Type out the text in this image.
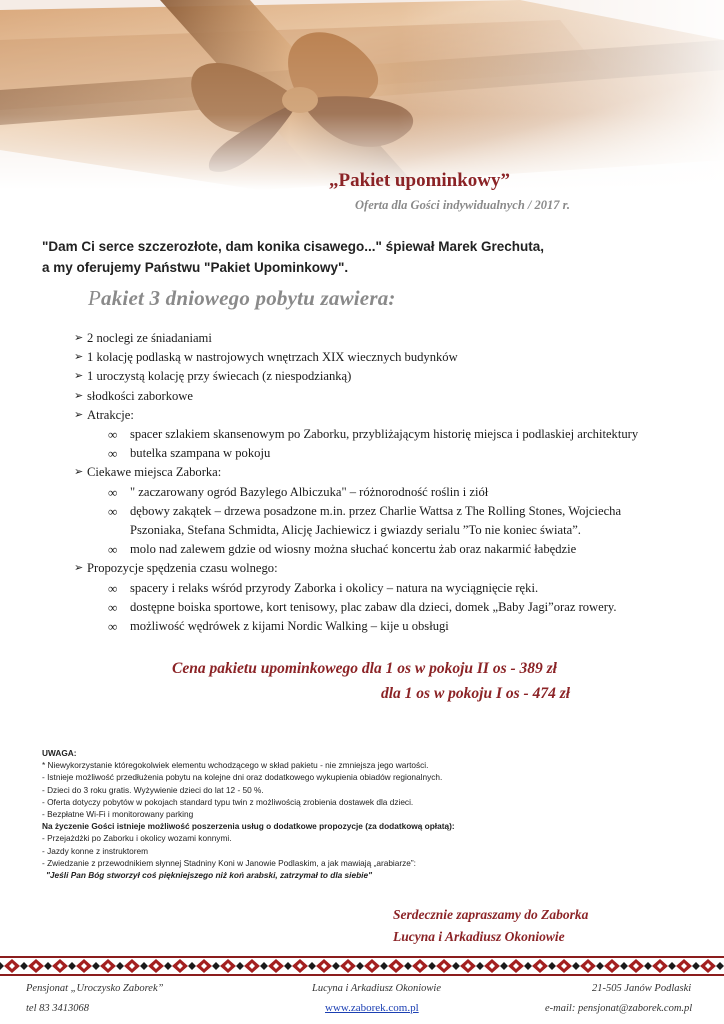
„Pakiet upominkowy”
Oferta dla Gości indywidualnych / 2017 r.
"Dam Ci serce szczerozłote, dam konika cisawego..." śpiewał Marek Grechuta,
a my oferujemy Państwu "Pakiet Upominkowy".
Pakiet 3 dniowego pobytu zawiera:
➢ 2 noclegi ze śniadaniami
➢ 1 kolację podlaską w nastrojowych wnętrzach XIX wiecznych budynków
➢ 1 uroczystą kolację przy świecach (z niespodzianką)
➢ słodkości zaborkowe
➢ Atrakcje:
∞ spacer szlakiem skansenowym po Zaborku, przybliżającym historię miejsca i podlaskiej architektury
∞ butelka szampana w pokoju
➢ Ciekawe miejsca Zaborka:
∞ " zaczarowany ogród Bazylego Albiczuka" – różnorodność roślin i ziół
∞ dębowy zakątek – drzewa posadzone m.in. przez Charlie Wattsa z The Rolling Stones, Wojciecha
Pszoniaka, Stefana Schmidta, Alicję Jachiewicz i gwiazdy serialu ”To nie koniec świata”.
∞ molo nad zalewem gdzie od wiosny można słuchać koncertu żab oraz nakarmić łabędzie
➢ Propozycje spędzenia czasu wolnego:
∞ spacery i relaks wśród przyrody Zaborka i okolicy – natura na wyciągnięcie ręki.
∞ dostępne boiska sportowe, kort tenisowy, plac zabaw dla dzieci, domek „Baby Jagi”oraz rowery.
∞ możliwość wędrówek z kijami Nordic Walking – kije u obsługi
Cena pakietu upominkowego dla 1 os w pokoju II os - 389 zł
dla 1 os w pokoju I os - 474 zł
UWAGA:
* Niewykorzystanie któregokolwiek elementu wchodzącego w skład pakietu - nie zmniejsza jego wartości.
- Istnieje możliwość przedłużenia pobytu na kolejne dni oraz dodatkowego wykupienia obiadów regionalnych.
- Dzieci do 3 roku gratis. Wyżywienie dzieci do lat 12 - 50 %.
- Oferta dotyczy pobytów w pokojach standard typu twin z możliwością zrobienia dostawek dla dzieci.
- Bezpłatne Wi-Fi i monitorowany parking
Na życzenie Gości istnieje możliwość poszerzenia usług o dodatkowe propozycje (za dodatkową opłatą):
- Przejażdżki po Zaborku i okolicy wozami konnymi.
- Jazdy konne z instruktorem
- Zwiedzanie z przewodnikiem słynnej Stadniny Koni w Janowie Podlaskim, a jak mawiają „arabiarze”:
"Jeśli Pan Bóg stworzył coś piękniejszego niż koń arabski, zatrzymał to dla siebie"
Serdecznie zapraszamy do Zaborka
Lucyna i Arkadiusz Okoniowie
Pensjonat „Uroczysko Zaborek”	Lucyna i Arkadiusz Okoniowie	21-505 Janów Podlaski
tel 83 3413068	www.zaborek.com.pl	e-mail: pensjonat@zaborek.com.pl
